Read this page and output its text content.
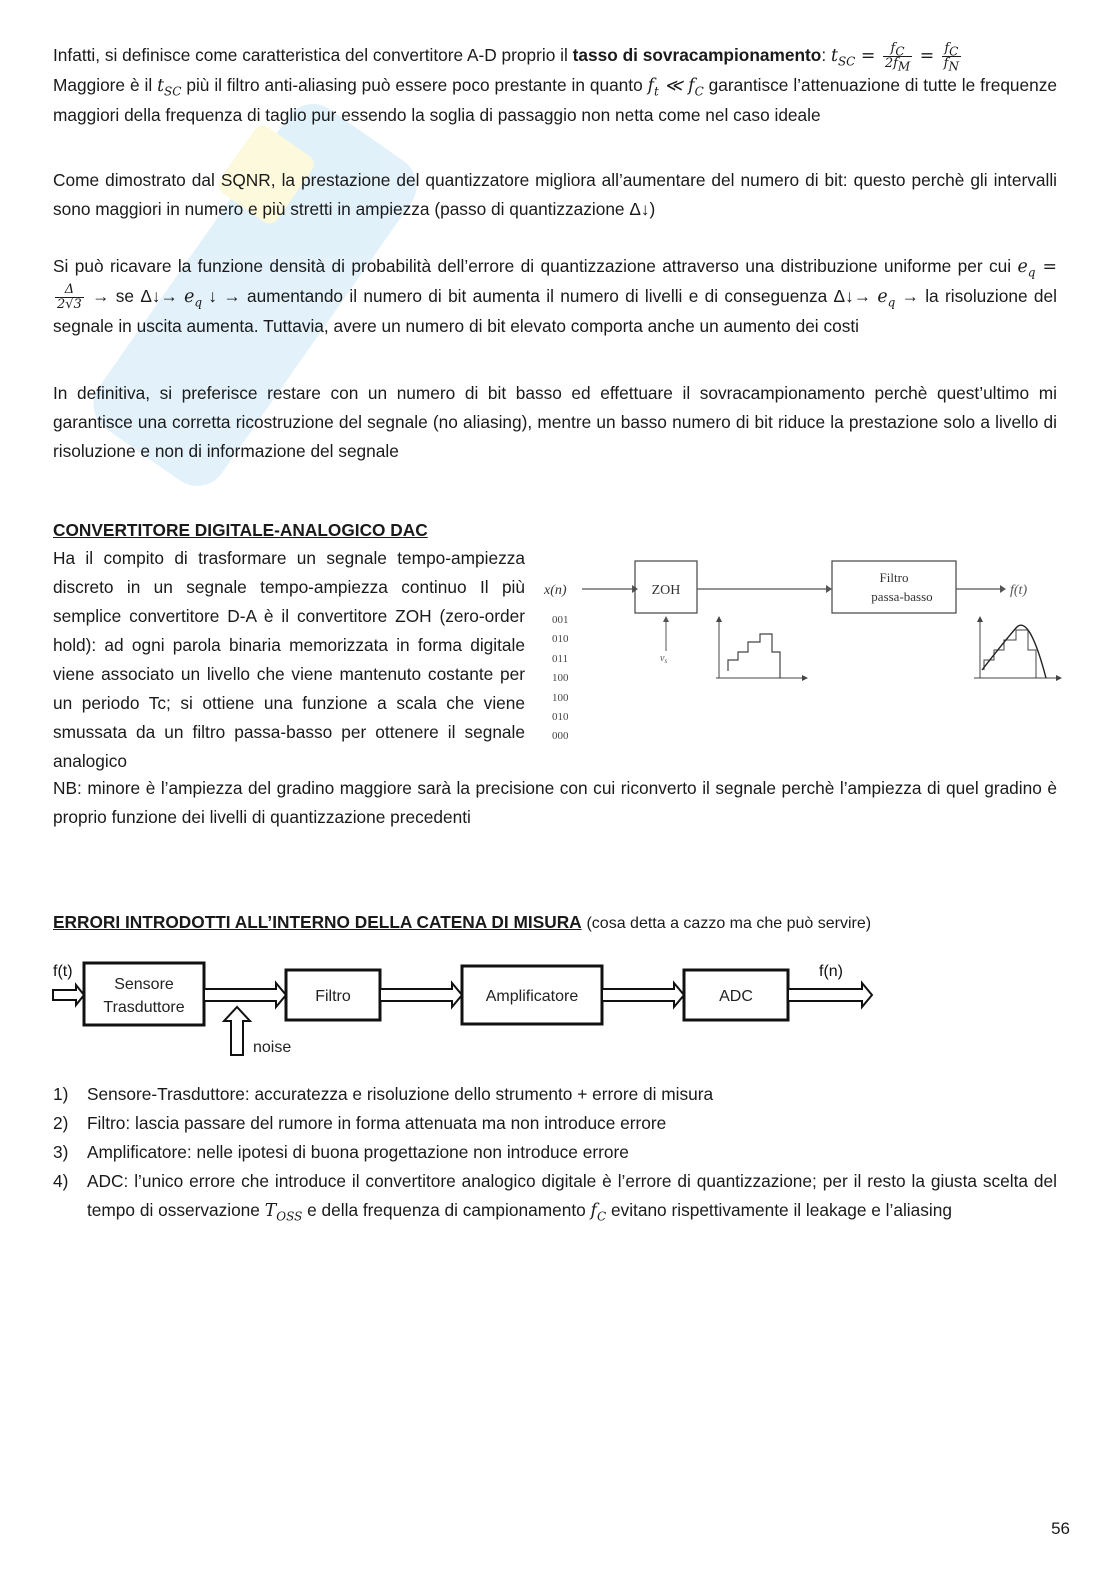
Infatti, si definisce come caratteristica del convertitore A-D proprio il tasso di sovracampionamento: $t_{SC} = \frac{f_C}{2f_M} = \frac{f_C}{f_N}$

Maggiore è il $t_{SC}$ più il filtro anti-aliasing può essere poco prestante in quanto $f_t$ ≪ $f_C$ garantisce l’attenuazione di tutte le frequenze maggiori della frequenza di taglio pur essendo la soglia di passaggio non netta come nel caso ideale
Come dimostrato dal SQNR, la prestazione del quantizzatore migliora all’aumentare del numero di bit: questo perchè gli intervalli sono maggiori in numero e più stretti in ampiezza (passo di quantizzazione Δ↓)
Si può ricavare la funzione densità di probabilità dell’errore di quantizzazione attraverso una distribuzione uniforme per cui $e_q$ =
$\frac{\Delta}{2√3}$ → se Δ↓→ $e_q$ ↓ → aumentando il numero di bit aumenta il numero di livelli e di conseguenza Δ↓→ $e_q$ → la risoluzione del segnale in uscita aumenta. Tuttavia, avere un numero di bit elevato comporta anche un aumento dei costi
In definitiva, si preferisce restare con un numero di bit basso ed effettuare il sovracampionamento perchè quest’ultimo mi garantisce una corretta ricostruzione del segnale (no aliasing), mentre un basso numero di bit riduce la prestazione solo a livello di risoluzione e non di informazione del segnale
CONVERTITORE DIGITALE-ANALOGICO DAC
Ha il compito di trasformare un segnale tempo-ampiezza discreto in un segnale tempo-ampiezza continuo Il più semplice convertitore D-A è il convertitore ZOH (zero-order hold): ad ogni parola binaria memorizzata in forma digitale viene associato un livello che viene mantenuto costante per un periodo Tc; si ottiene una funzione a scala che viene smussata da un filtro passa-basso per ottenere il segnale analogico
x(n)	ZOH
Filtro
passa-basso	f(t)
001
010
011
100
100
010
000
$v_s$
NB: minore è l’ampiezza del gradino maggiore sarà la precisione con cui riconverto il segnale perchè l’ampiezza di quel gradino è proprio funzione dei livelli di quantizzazione precedenti
ERRORI INTRODOTTI ALL’INTERNO DELLA CATENA DI MISURA (cosa detta a cazzo ma che può servire)
f(t)
Sensore
Trasduttore
Filtro	Amplificatore	ADC
f(n)
noise
1)	Sensore-Trasduttore: accuratezza e risoluzione dello strumento + errore di misura
2)	Filtro: lascia passare del rumore in forma attenuata ma non introduce errore
3)	Amplificatore: nelle ipotesi di buona progettazione non introduce errore
4)	ADC: l’unico errore che introduce il convertitore analogico digitale è l’errore di quantizzazione; per il resto la giusta scelta del tempo di osservazione $T_{OSS}$ e della frequenza di campionamento $f_C$ evitano rispettivamente il leakage e l’aliasing
56
